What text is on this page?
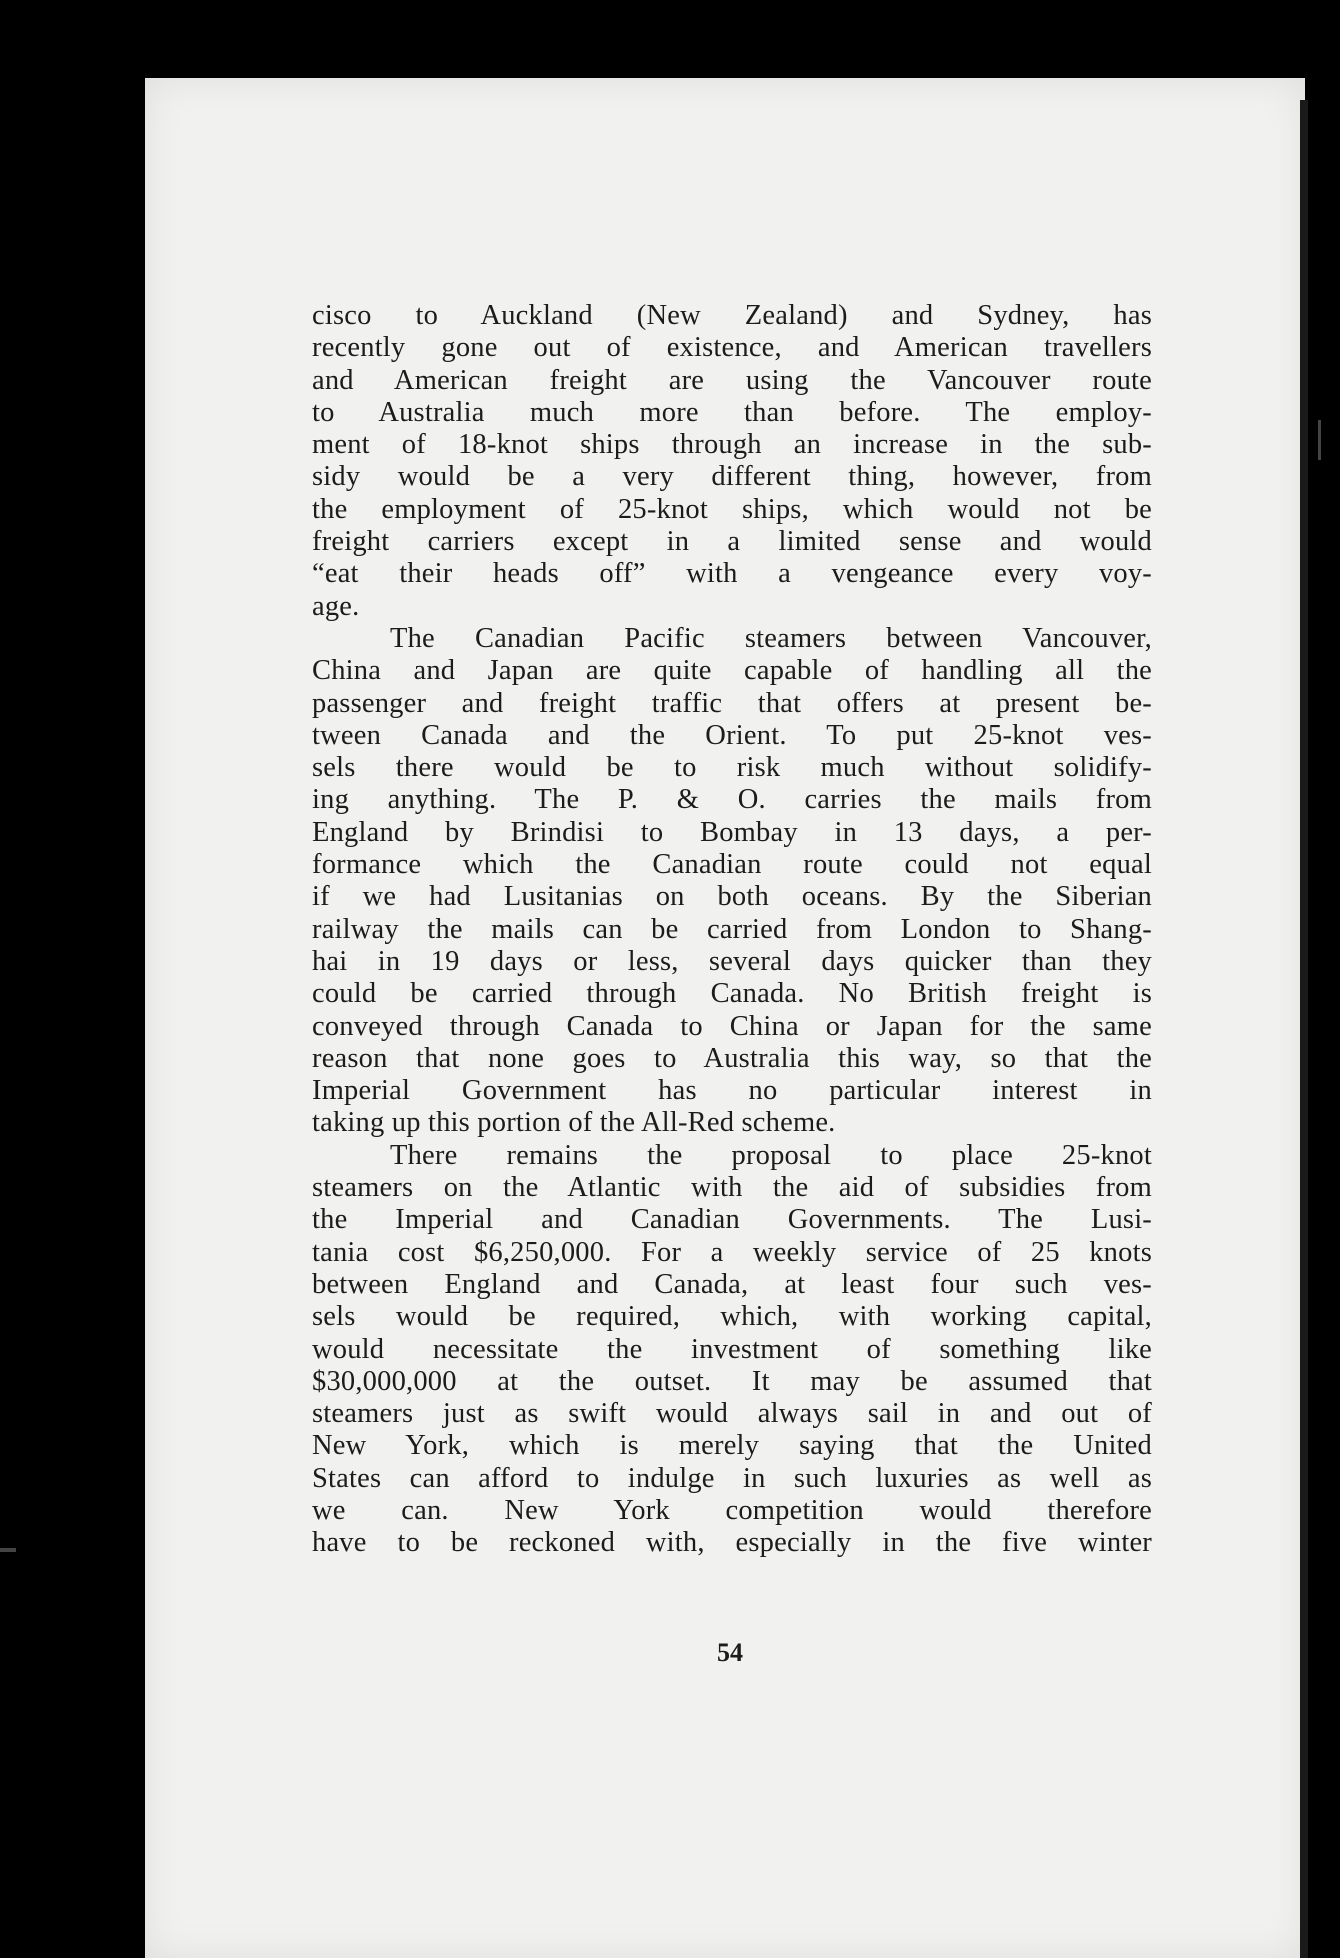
cisco to Auckland (New Zealand) and Sydney, has
recently gone out of existence, and American travellers
and American freight are using the Vancouver route
to Australia much more than before. The employ-
ment of 18-knot ships through an increase in the sub-
sidy would be a very different thing, however, from
the employment of 25-knot ships, which would not be
freight carriers except in a limited sense and would
“eat their heads off” with a vengeance every voy-
age.
The Canadian Pacific steamers between Vancouver,
China and Japan are quite capable of handling all the
passenger and freight traffic that offers at present be-
tween Canada and the Orient. To put 25-knot ves-
sels there would be to risk much without solidify-
ing anything. The P. & O. carries the mails from
England by Brindisi to Bombay in 13 days, a per-
formance which the Canadian route could not equal
if we had Lusitanias on both oceans. By the Siberian
railway the mails can be carried from London to Shang-
hai in 19 days or less, several days quicker than they
could be carried through Canada. No British freight is
conveyed through Canada to China or Japan for the same
reason that none goes to Australia this way, so that the
Imperial Government has no particular interest in
taking up this portion of the All-Red scheme.
There remains the proposal to place 25-knot
steamers on the Atlantic with the aid of subsidies from
the Imperial and Canadian Governments. The Lusi-
tania cost $6,250,000. For a weekly service of 25 knots
between England and Canada, at least four such ves-
sels would be required, which, with working capital,
would necessitate the investment of something like
$30,000,000 at the outset. It may be assumed that
steamers just as swift would always sail in and out of
New York, which is merely saying that the United
States can afford to indulge in such luxuries as well as
we can. New York competition would therefore
have to be reckoned with, especially in the five winter
54
